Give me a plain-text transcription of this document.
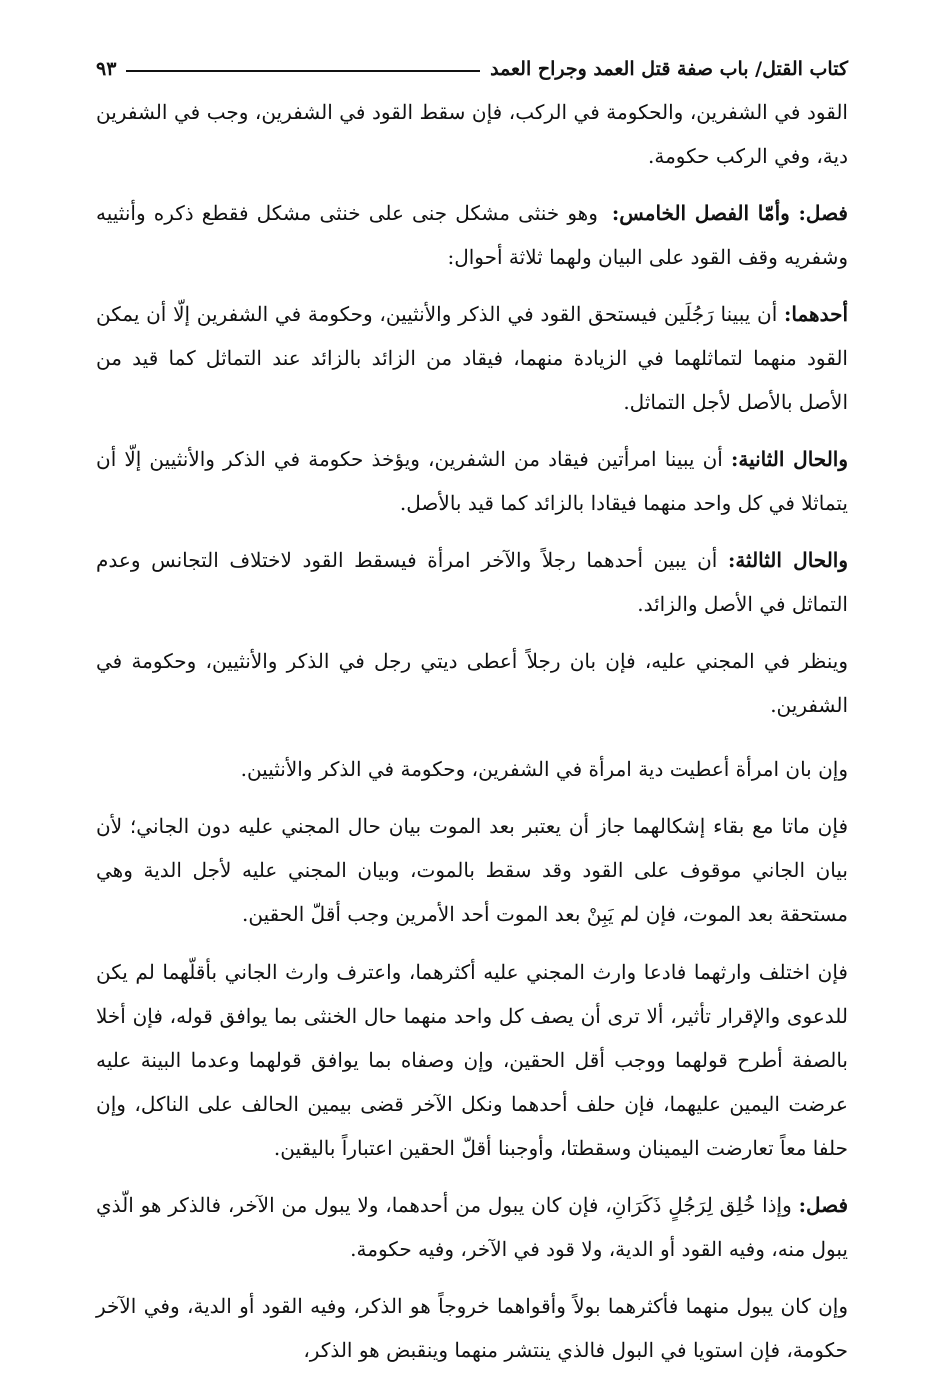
كتاب القتل/ باب صفة قتل العمد وجراح العمد
٩٣

القود في الشفرين، والحكومة في الركب، فإن سقط القود في الشفرين، وجب في الشفرين دية، وفي الركب حكومة.

فصل: وأمّا الفصل الخامس:وهو خنثى مشكل جنى على خنثى مشكل فقطع ذكره وأنثييه وشفريه وقف القود على البيان ولهما ثلاثة أحوال:

أحدهما: أن يبينا رَجُلَين فيستحق القود في الذكر والأنثيين، وحكومة في الشفرين إلّا أن يمكن القود منهما لتماثلهما في الزيادة منهما، فيقاد من الزائد بالزائد عند التماثل كما قيد من الأصل بالأصل لأجل التماثل.

والحال الثانية: أن يبينا امرأتين فيقاد من الشفرين، ويؤخذ حكومة في الذكر والأنثيين إلّا أن يتماثلا في كل واحد منهما فيقادا بالزائد كما قيد بالأصل.

والحال الثالثة: أن يبين أحدهما رجلاً والآخر امرأة فيسقط القود لاختلاف التجانس وعدم التماثل في الأصل والزائد.

وينظر في المجني عليه، فإن بان رجلاً أعطى ديتي رجل في الذكر والأنثيين، وحكومة في الشفرين.

وإن بان امرأة أعطيت دية امرأة في الشفرين، وحكومة في الذكر والأنثيين.

فإن ماتا مع بقاء إشكالهما جاز أن يعتبر بعد الموت بيان حال المجني عليه دون الجاني؛ لأن بيان الجاني موقوف على القود وقد سقط بالموت، وبيان المجني عليه لأجل الدية وهي مستحقة بعد الموت، فإن لم يَبِنْ بعد الموت أحد الأمرين وجب أقلّ الحقين.

فإن اختلف وارثهما فادعا وارث المجني عليه أكثرهما، واعترف وارث الجاني بأقلّهما لم يكن للدعوى والإقرار تأثير، ألا ترى أن يصف كل واحد منهما حال الخنثى بما يوافق قوله، فإن أخلا بالصفة أطرح قولهما ووجب أقل الحقين، وإن وصفاه بما يوافق قولهما وعدما البينة عليه عرضت اليمين عليهما، فإن حلف أحدهما ونكل الآخر قضى بيمين الحالف على الناكل، وإن حلفا معاً تعارضت اليمينان وسقطتا، وأوجبنا أقلّ الحقين اعتباراً باليقين.

فصل: وإذا خُلِق لِرَجُلٍ ذَكَرَانِ، فإن كان يبول من أحدهما، ولا يبول من الآخر، فالذكر هو الّذي يبول منه، وفيه القود أو الدية، ولا قود في الآخر، وفيه حكومة.

وإن كان يبول منهما فأكثرهما بولاً وأقواهما خروجاً هو الذكر، وفيه القود أو الدية، وفي الآخر حكومة، فإن استويا في البول فالذي ينتشر منهما وينقبض هو الذكر،
